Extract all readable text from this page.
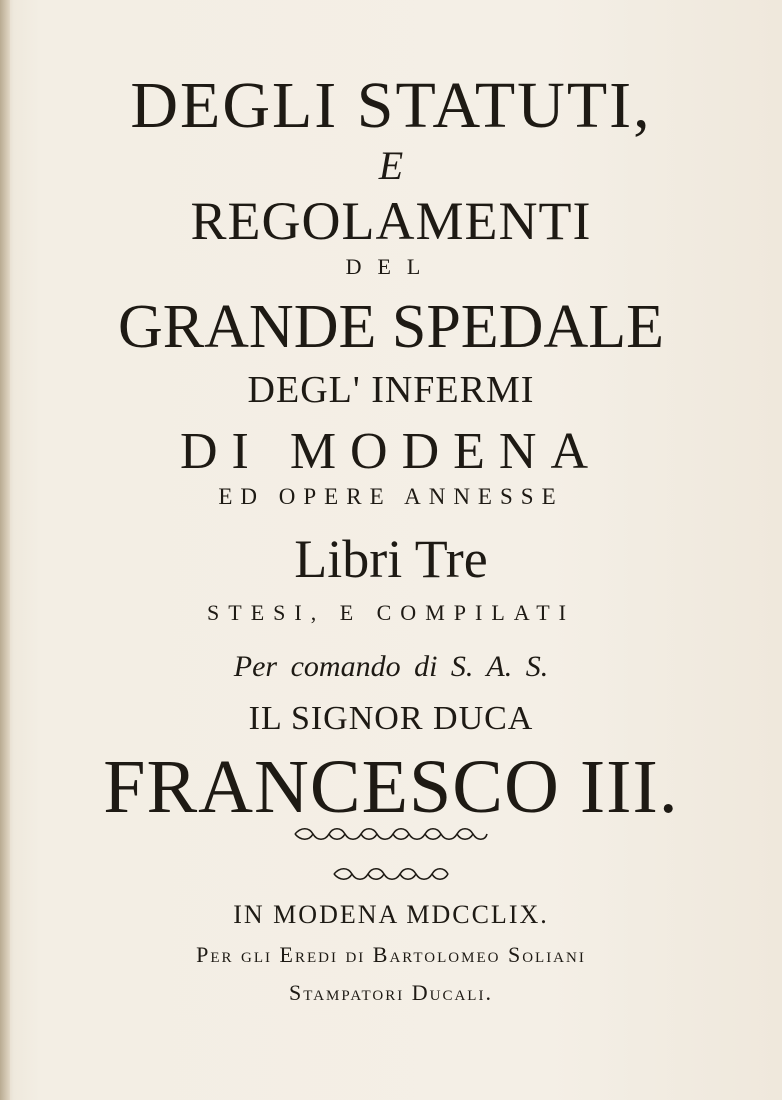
DEGLI STATUTI,

E

REGOLAMENTI

DEL

GRANDE SPEDALE

DEGL' INFERMI

DI MODENA

ED OPERE ANNESSE

Libri Tre

STESI, E COMPILATI

Per comando di S. A. S.

IL SIGNOR DUCA

FRANCESCO III.

IN MODENA MDCCLIX.

Per gli Eredi di Bartolomeo Soliani

Stampatori Ducali.
